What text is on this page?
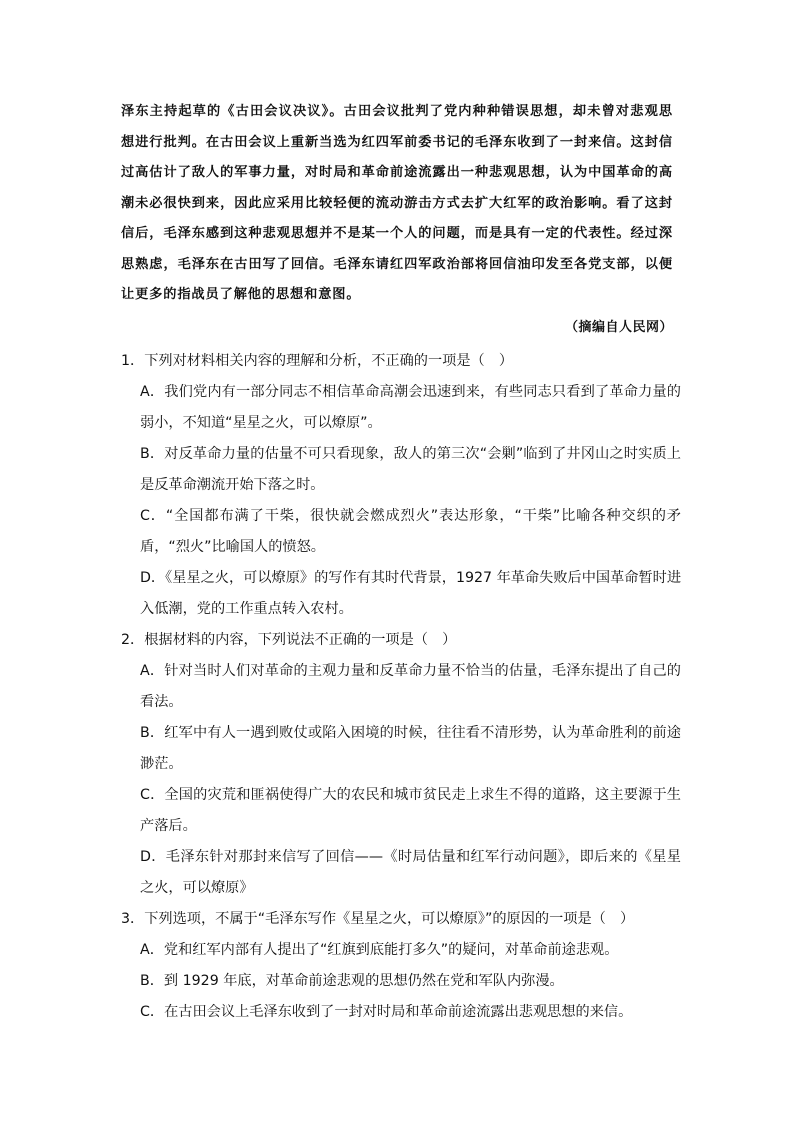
泽东主持起草的《古田会议决议》。古田会议批判了党内种种错误思想，却未曾对悲观思想进行批判。在古田会议上重新当选为红四军前委书记的毛泽东收到了一封来信。这封信过高估计了敌人的军事力量，对时局和革命前途流露出一种悲观思想，认为中国革命的高潮未必很快到来，因此应采用比较轻便的流动游击方式去扩大红军的政治影响。看了这封信后，毛泽东感到这种悲观思想并不是某一个人的问题，而是具有一定的代表性。经过深思熟虑，毛泽东在古田写了回信。毛泽东请红四军政治部将回信油印发至各党支部，以便让更多的指战员了解他的思想和意图。

（摘编自人民网）

1．下列对材料相关内容的理解和分析，不正确的一项是（　）

A．我们党内有一部分同志不相信革命高潮会迅速到来，有些同志只看到了革命力量的弱小，不知道“星星之火，可以燎原”。

B．对反革命力量的估量不可只看现象，敌人的第三次“会剿”临到了井冈山之时实质上是反革命潮流开始下落之时。

C．“全国都布满了干柴，很快就会燃成烈火”表达形象，“干柴”比喻各种交织的矛盾，“烈火”比喻国人的愤怒。

D．《星星之火，可以燎原》的写作有其时代背景，1927 年革命失败后中国革命暂时进入低潮，党的工作重点转入农村。

2．根据材料的内容，下列说法不正确的一项是（　）

A．针对当时人们对革命的主观力量和反革命力量不恰当的估量，毛泽东提出了自己的看法。

B．红军中有人一遇到败仗或陷入困境的时候，往往看不清形势，认为革命胜利的前途渺茫。

C．全国的灾荒和匪祸使得广大的农民和城市贫民走上求生不得的道路，这主要源于生产落后。

D．毛泽东针对那封来信写了回信——《时局估量和红军行动问题》，即后来的《星星之火，可以燎原》

3．下列选项，不属于“毛泽东写作《星星之火，可以燎原》”的原因的一项是（　）

A．党和红军内部有人提出了“红旗到底能打多久”的疑问，对革命前途悲观。

B．到 1929 年底，对革命前途悲观的思想仍然在党和军队内弥漫。

C．在古田会议上毛泽东收到了一封对时局和革命前途流露出悲观思想的来信。
